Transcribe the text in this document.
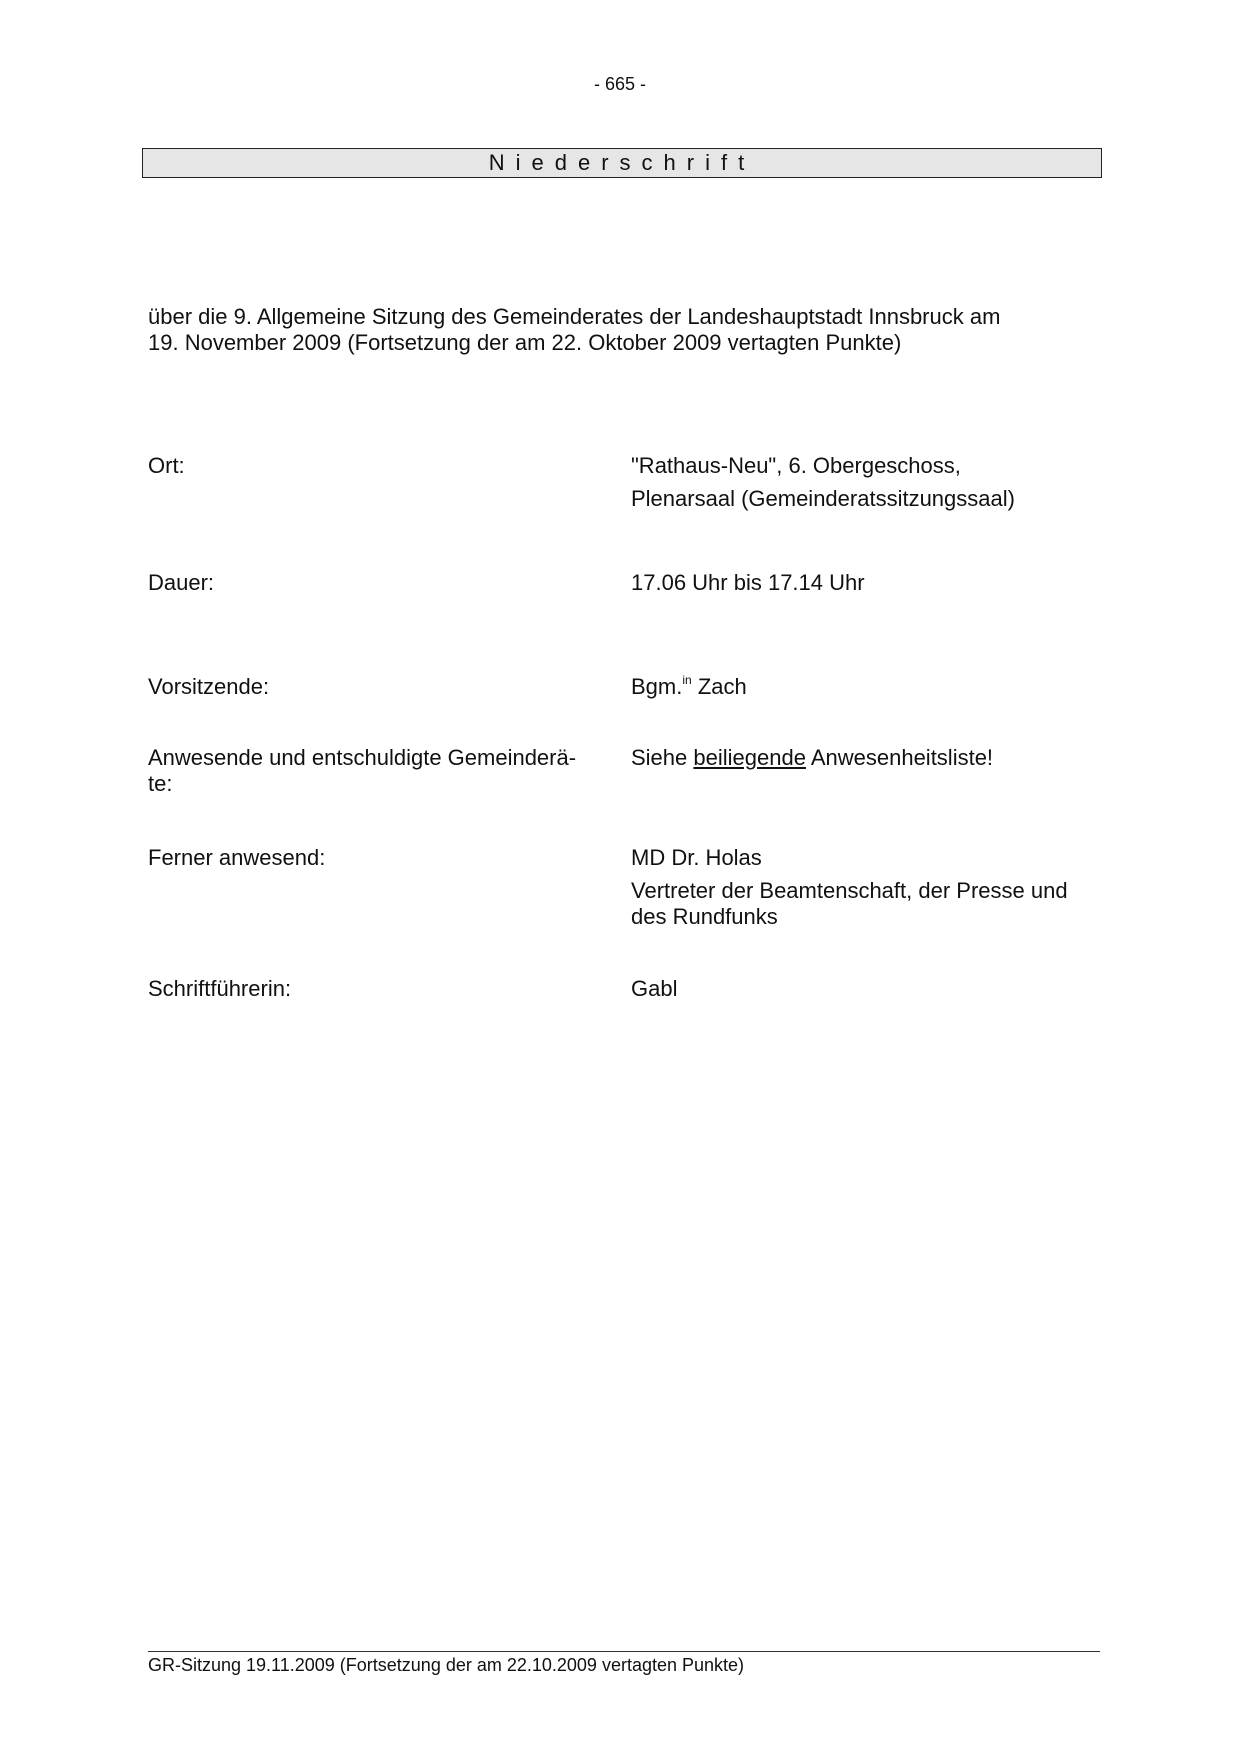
- 665 -
Niederschrift
über die 9. Allgemeine Sitzung des Gemeinderates der Landeshauptstadt Innsbruck am
19. November 2009 (Fortsetzung der am 22. Oktober 2009 vertagten Punkte)
Ort:	"Rathaus-Neu", 6. Obergeschoss,
Plenarsaal (Gemeinderatssitzungssaal)
Dauer:	17.06 Uhr bis 17.14 Uhr
Vorsitzende:	Bgm.$^{in}$ Zach
Anwesende und entschuldigte Gemeinderä-
te:
Siehe beiliegende Anwesenheitsliste!
Ferner anwesend:	MD Dr. Holas
Vertreter der Beamtenschaft, der Presse und
des Rundfunks
Schriftführerin:	Gabl
GR-Sitzung 19.11.2009 (Fortsetzung der am 22.10.2009 vertagten Punkte)
